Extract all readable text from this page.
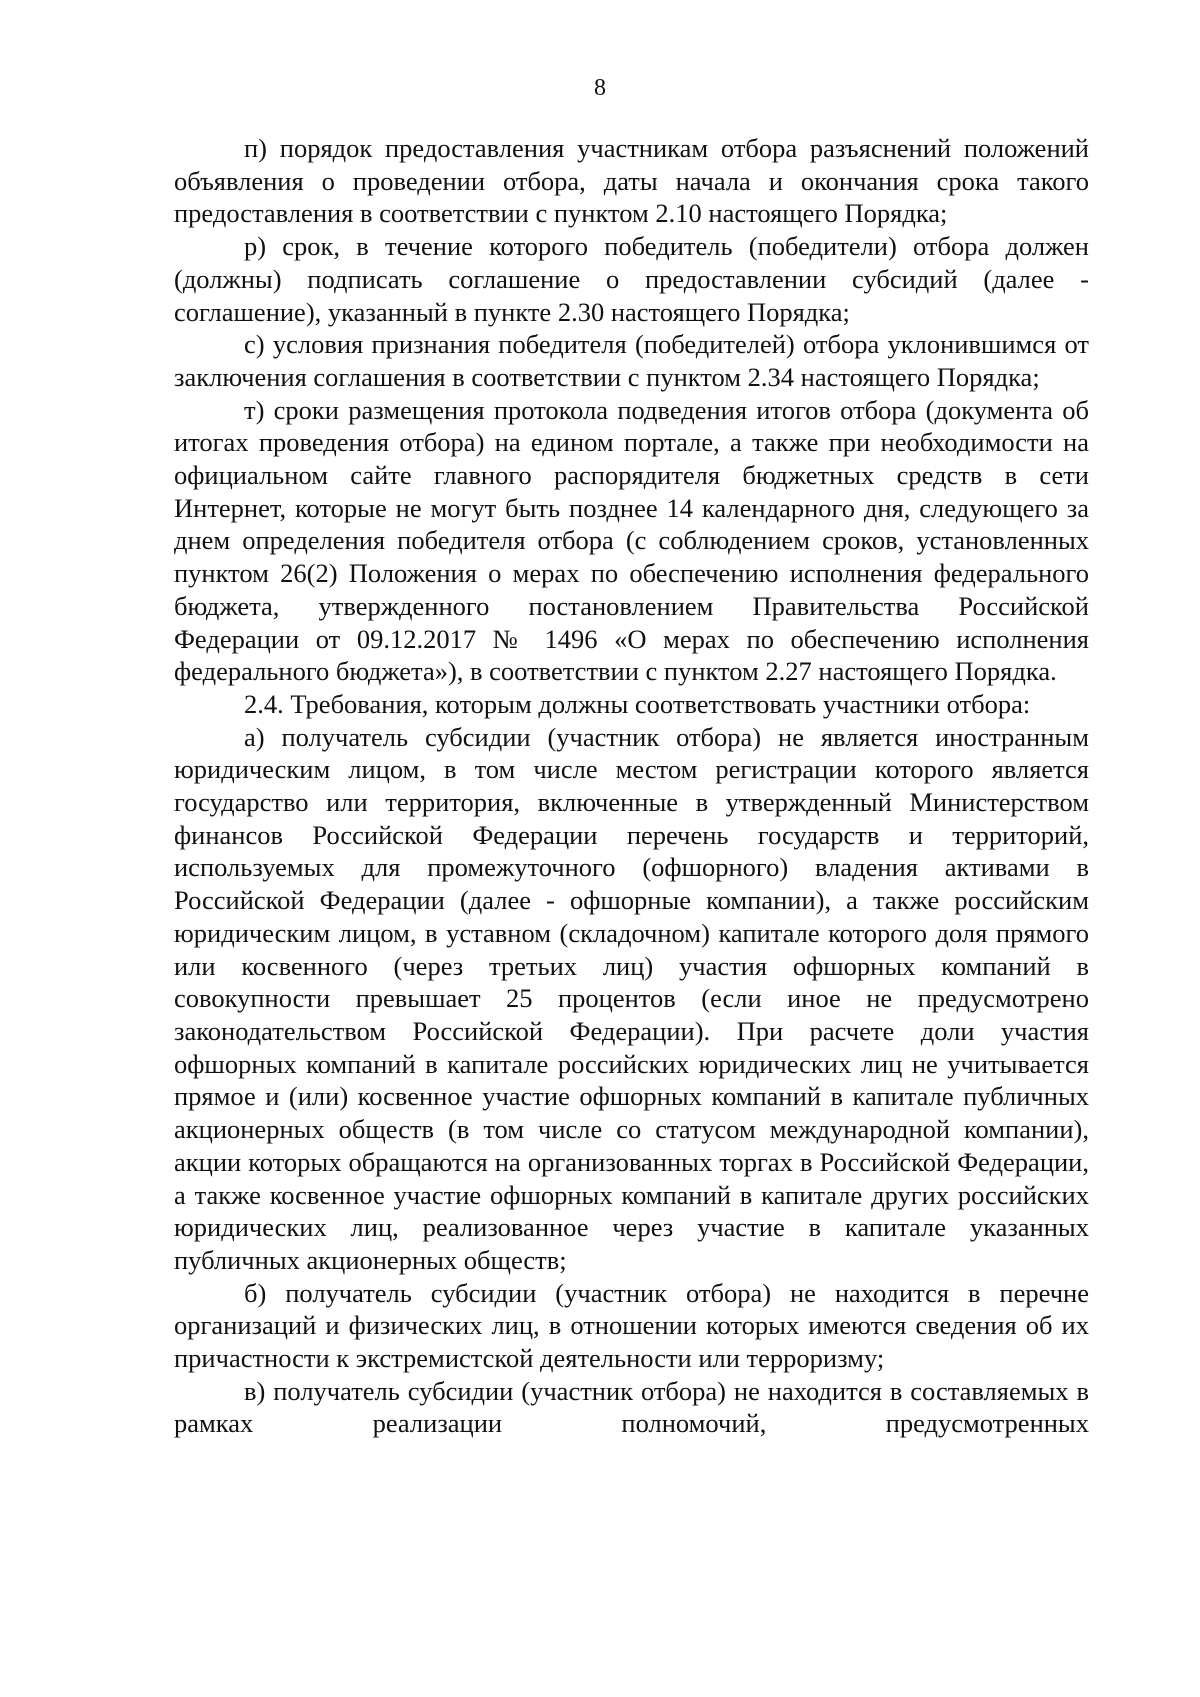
8

п) порядок предоставления участникам отбора разъяснений положений объявления о проведении отбора, даты начала и окончания срока такого предоставления в соответствии с пунктом 2.10 настоящего Порядка;

р) срок, в течение которого победитель (победители) отбора должен (должны) подписать соглашение о предоставлении субсидий (далее - соглашение), указанный в пункте 2.30 настоящего Порядка;

с) условия признания победителя (победителей) отбора уклонившимся от заключения соглашения в соответствии с пунктом 2.34 настоящего Порядка;

т) сроки размещения протокола подведения итогов отбора (документа об итогах проведения отбора) на едином портале, а также при необходимости на официальном сайте главного распорядителя бюджетных средств в сети Интернет, которые не могут быть позднее 14 календарного дня, следующего за днем определения победителя отбора (с соблюдением сроков, установленных пунктом 26(2) Положения о мерах по обеспечению исполнения федерального бюджета, утвержденного постановлением Правительства Российской Федерации от 09.12.2017 № 1496 «О мерах по обеспечению исполнения федерального бюджета»), в соответствии с пунктом 2.27 настоящего Порядка.

2.4. Требования, которым должны соответствовать участники отбора:

а) получатель субсидии (участник отбора) не является иностранным юридическим лицом, в том числе местом регистрации которого является государство или территория, включенные в утвержденный Министерством финансов Российской Федерации перечень государств и территорий, используемых для промежуточного (офшорного) владения активами в Российской Федерации (далее - офшорные компании), а также российским юридическим лицом, в уставном (складочном) капитале которого доля прямого или косвенного (через третьих лиц) участия офшорных компаний в совокупности превышает 25 процентов (если иное не предусмотрено законодательством Российской Федерации). При расчете доли участия офшорных компаний в капитале российских юридических лиц не учитывается прямое и (или) косвенное участие офшорных компаний в капитале публичных акционерных обществ (в том числе со статусом международной компании), акции которых обращаются на организованных торгах в Российской Федерации, а также косвенное участие офшорных компаний в капитале других российских юридических лиц, реализованное через участие в капитале указанных публичных акционерных обществ;

б) получатель субсидии (участник отбора) не находится в перечне организаций и физических лиц, в отношении которых имеются сведения об их причастности к экстремистской деятельности или терроризму;

в) получатель субсидии (участник отбора) не находится в составляемых в рамках реализации полномочий, предусмотренных
